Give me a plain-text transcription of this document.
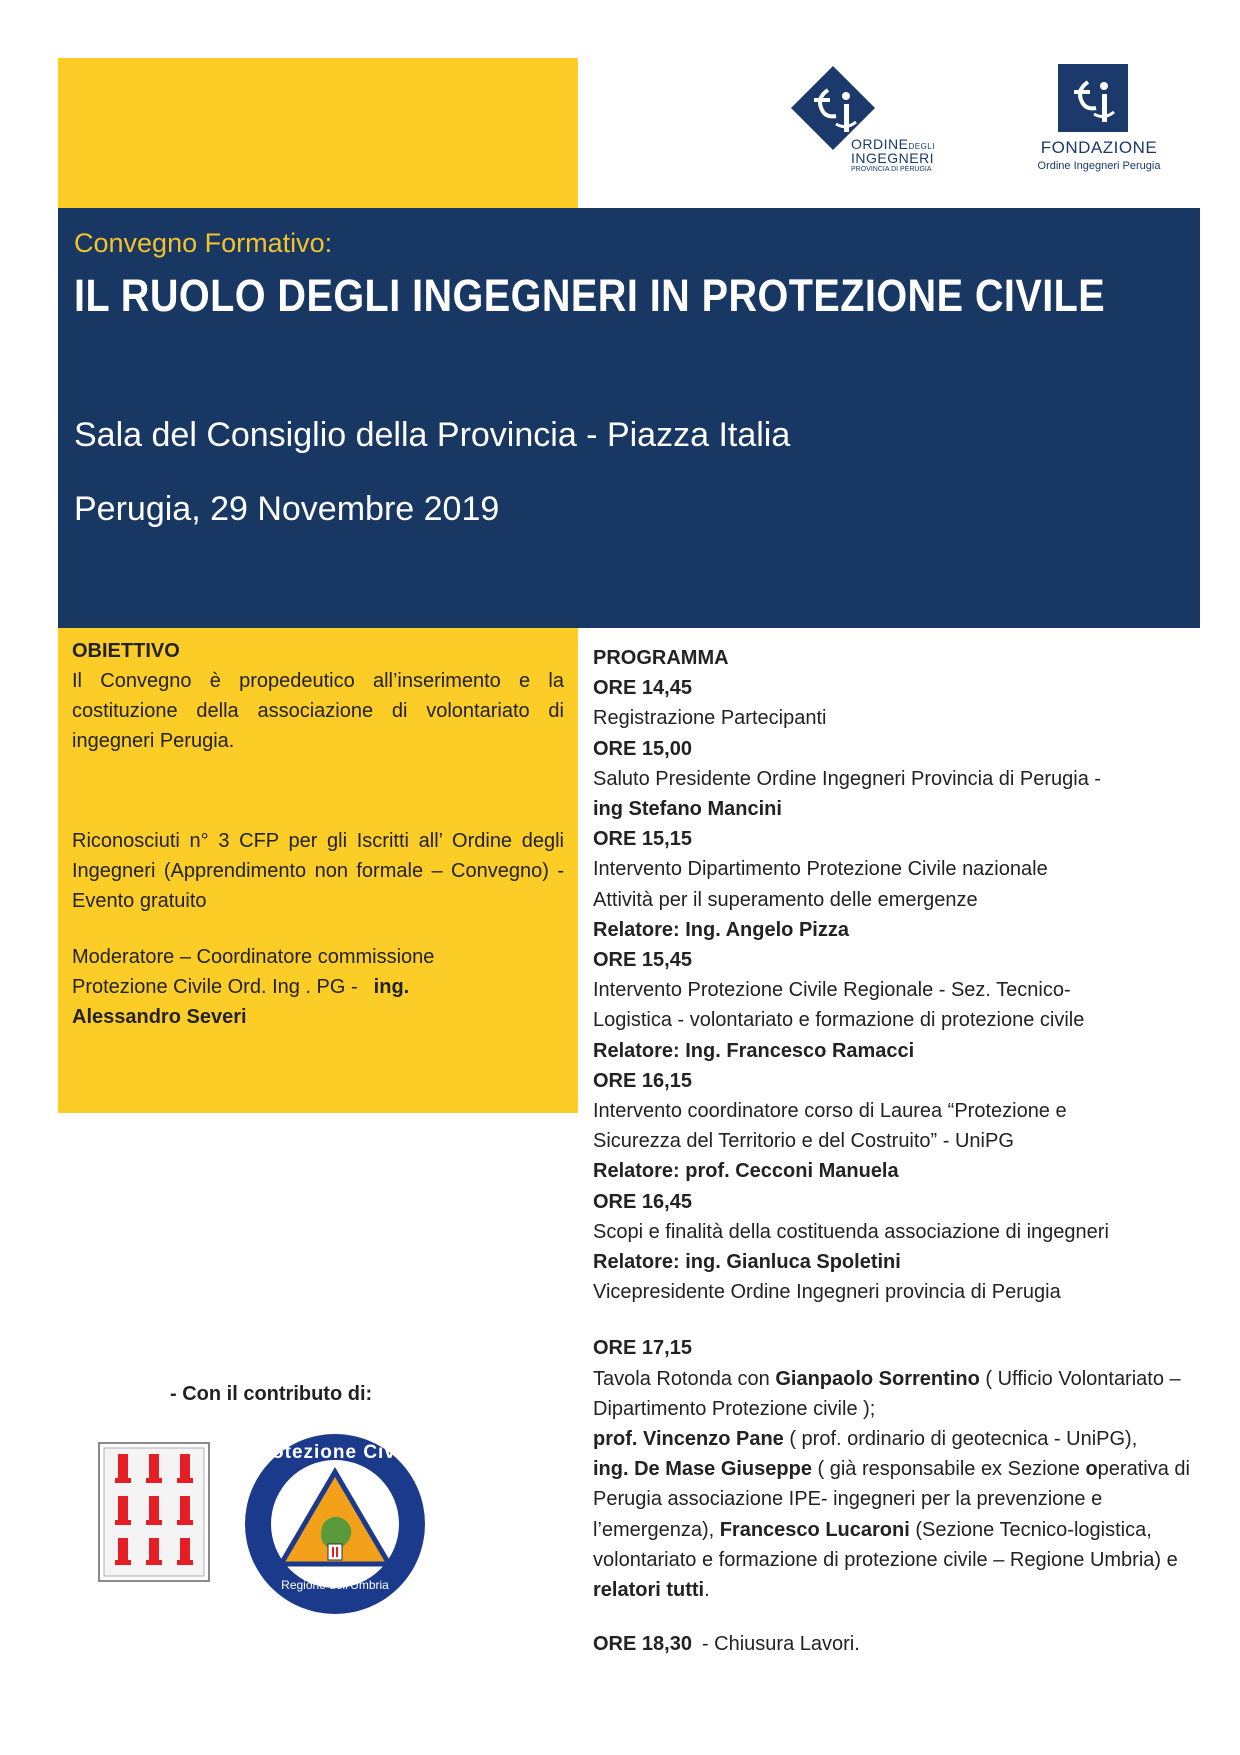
ORDINEDEGLI
INGEGNERI
PROVINCIA DI PERUGIA
FONDAZIONE
Ordine Ingegneri Perugia
Convegno Formativo:
IL RUOLO DEGLI INGEGNERI IN PROTEZIONE CIVILE
Sala del Consiglio della Provincia - Piazza Italia
Perugia, 29 Novembre 2019
OBIETTIVO
Il Convegno è propedeutico all’inserimento e la costituzione della associazione di volontariato di ingegneri Perugia.
Riconosciuti n° 3 CFP per gli Iscritti all’ Ordine degli Ingegneri (Apprendimento non formale – Convegno) - Evento gratuito
Moderatore – Coordinatore commissione
Protezione Civile Ord. Ing . PG - ing.
Alessandro Severi
PROGRAMMA
ORE 14,45
Registrazione Partecipanti
ORE 15,00
Saluto Presidente Ordine Ingegneri Provincia di Perugia -
ing Stefano Mancini
ORE 15,15
Intervento Dipartimento Protezione Civile nazionale
Attività per il superamento delle emergenze
Relatore: Ing. Angelo Pizza
ORE 15,45
Intervento Protezione Civile Regionale - Sez. Tecnico-
Logistica - volontariato e formazione di protezione civile
Relatore: Ing. Francesco Ramacci
ORE 16,15
Intervento coordinatore corso di Laurea “Protezione e
Sicurezza del Territorio e del Costruito” - UniPG
Relatore: prof. Cecconi Manuela
ORE 16,45
Scopi e finalità della costituenda associazione di ingegneri
Relatore: ing. Gianluca Spoletini
Vicepresidente Ordine Ingegneri provincia di Perugia
ORE 17,15
Tavola Rotonda con Gianpaolo Sorrentino ( Ufficio Volontariato – Dipartimento Protezione civile );
prof. Vincenzo Pane ( prof. ordinario di geotecnica - UniPG),
ing. De Mase Giuseppe ( già responsabile ex Sezione operativa di Perugia associazione IPE- ingegneri per la prevenzione e l’emergenza), Francesco Lucaroni (Sezione Tecnico-logistica, volontariato e formazione di protezione civile – Regione Umbria) e relatori tutti.
ORE 18,30 - Chiusura Lavori.
- Con il contributo di:
Protezione Civile
Regione dell'Umbria
